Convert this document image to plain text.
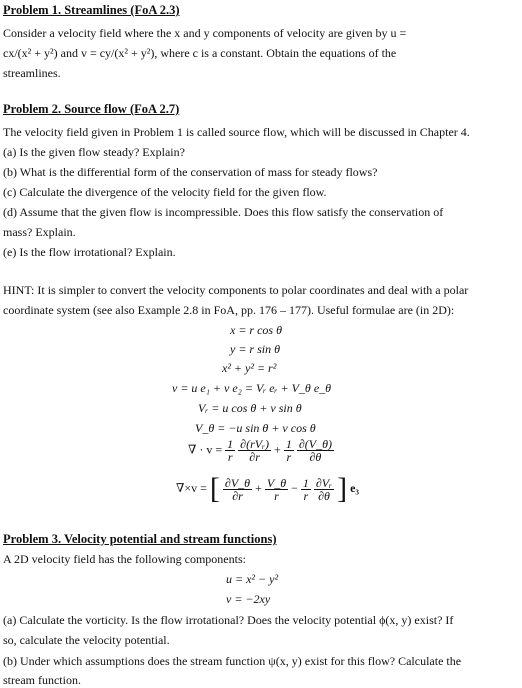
Problem 1. Streamlines (FoA 2.3)
Consider a velocity field where the x and y components of velocity are given by u =
cx/(x² + y²) and v = cy/(x² + y²), where c is a constant. Obtain the equations of the
streamlines.
Problem 2. Source flow (FoA 2.7)
The velocity field given in Problem 1 is called source flow, which will be discussed in Chapter 4.
(a) Is the given flow steady? Explain?
(b) What is the differential form of the conservation of mass for steady flows?
(c) Calculate the divergence of the velocity field for the given flow.
(d) Assume that the given flow is incompressible. Does this flow satisfy the conservation of
mass? Explain.
(e) Is the flow irrotational? Explain.
HINT: It is simpler to convert the velocity components to polar coordinates and deal with a polar
coordinate system (see also Example 2.8 in FoA, pp. 176 – 177). Useful formulae are (in 2D):
x = r cos θ
y = r sin θ
x² + y² = r²
v = u e₁ + v e₂ = Vᵣ eᵣ + V_θ e_θ
Vᵣ = u cos θ + v sin θ
V_θ = −u sin θ + v cos θ
∇ · $v = \frac{1}{r}$
$\frac{\text{∂(rVᵣ)}}{\partial r} + \frac{1}{r}$
$\frac{\partial(V\_\theta)}{\partial\theta}$
∇×v = [ $\frac{\partial V\_\theta}{\partial r} + \frac{V\_\theta}{r} - \frac{1}{r}$
$\frac{\text{∂Vᵣ}}{\partial\theta}$ ] e₃
Problem 3. Velocity potential and stream functions)
A 2D velocity field has the following components:
u = x² − y²
v = −2xy
(a) Calculate the vorticity. Is the flow irrotational? Does the velocity potential ϕ(x, y) exist? If
so, calculate the velocity potential.
(b) Under which assumptions does the stream function ψ(x, y) exist for this flow? Calculate the
stream function.
